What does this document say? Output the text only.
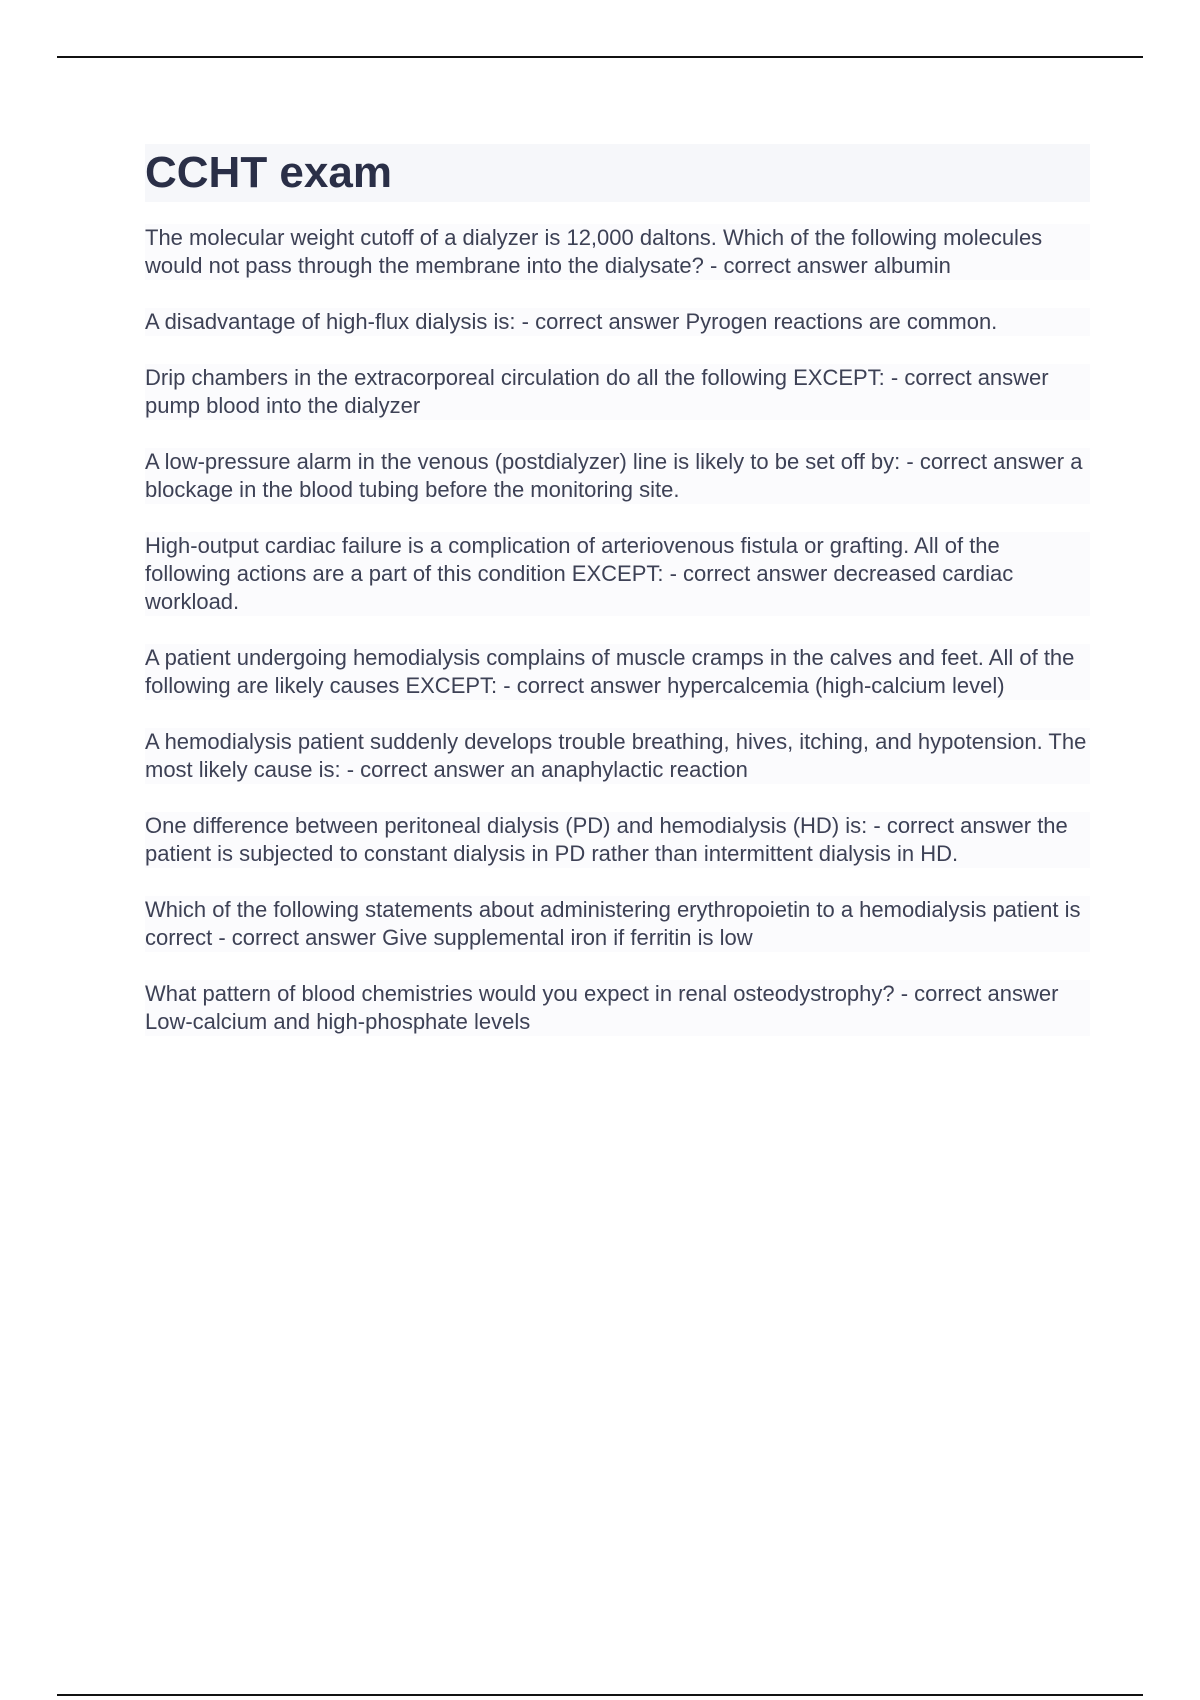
CCHT exam

The molecular weight cutoff of a dialyzer is 12,000 daltons. Which of the following molecules would not pass through the membrane into the dialysate? - correct answer albumin

A disadvantage of high-flux dialysis is: - correct answer Pyrogen reactions are common.

Drip chambers in the extracorporeal circulation do all the following EXCEPT: - correct answer pump blood into the dialyzer

A low-pressure alarm in the venous (postdialyzer) line is likely to be set off by: - correct answer a blockage in the blood tubing before the monitoring site.

High-output cardiac failure is a complication of arteriovenous fistula or grafting. All of the following actions are a part of this condition EXCEPT: - correct answer decreased cardiac workload.

A patient undergoing hemodialysis complains of muscle cramps in the calves and feet. All of the following are likely causes EXCEPT: - correct answer hypercalcemia (high-calcium level)

A hemodialysis patient suddenly develops trouble breathing, hives, itching, and hypotension. The most likely cause is: - correct answer an anaphylactic reaction

One difference between peritoneal dialysis (PD) and hemodialysis (HD) is: - correct answer the patient is subjected to constant dialysis in PD rather than intermittent dialysis in HD.

Which of the following statements about administering erythropoietin to a hemodialysis patient is correct - correct answer Give supplemental iron if ferritin is low

What pattern of blood chemistries would you expect in renal osteodystrophy? - correct answer Low-calcium and high-phosphate levels
